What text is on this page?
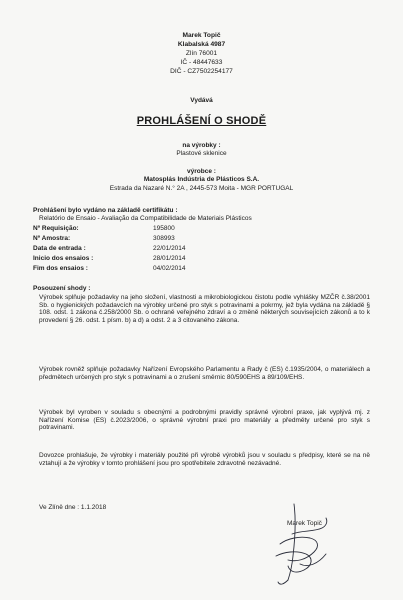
Marek Topič
Klabalská 4987
Zlín 76001
IČ - 48447633
DIČ - CZ7502254177
Vydává
PROHLÁŠENÍ O SHODĚ
na výrobky :
Plastové sklenice
výrobce :
Matosplás Indústria de Plásticos S.A.
Estrada da Nazaré N.° 2A , 2445-573 Moita - MGR PORTUGAL
Prohlášení bylo vydáno na základě certifikátu :
Relatório de Ensaio - Avaliação da Compatibilidade de Materiais Plásticos
Nº Requisição:	195800
Nº Amostra:	308993
Data de entrada :	22/01/2014
Inicio dos ensaios :	28/01/2014
Fim dos ensaios :	04/02/2014
Posouzení shody :
Výrobek splňuje požadavky na jeho složení, vlastnosti a mikrobiologickou čistotu podle vyhlášky MZČR č.38/2001 Sb. o hygienických požadavcích na výrobky určené pro styk s potravinami a pokrmy, jež byla vydána na základě § 108. odst. 1 zákona č.258/2000 Sb. o ochraně veřejného zdraví a o změně některých souvisejících zákonů a to k provedení § 26. odst. 1 písm. b) a d) a odst. 2 a 3 citovaného zákona.
Výrobek rovněž splňuje požadavky Nařízení Evropského Parlamentu a Rady č (ES) č.1935/2004, o materiálech a předmětech určených pro styk s potravinami a o zrušení směrnic 80/590EHS a 89/109/EHS.
Výrobek byl vyroben v souladu s obecnými a podrobnými pravidly správné výrobní praxe, jak vyplývá mj. z Nařízení Komise (ES) č.2023/2006, o správné výrobní praxi pro materiály a předměty určené pro styk s potravinami.
Dovozce prohlašuje, že výrobky i materiály použité při výrobě výrobků jsou v souladu s předpisy, které se na ně vztahují a že výrobky v tomto prohlášení jsou pro spotřebitele zdravotně nezávadné.
Ve Zlíně dne : 1.1.2018
Marek Topič
